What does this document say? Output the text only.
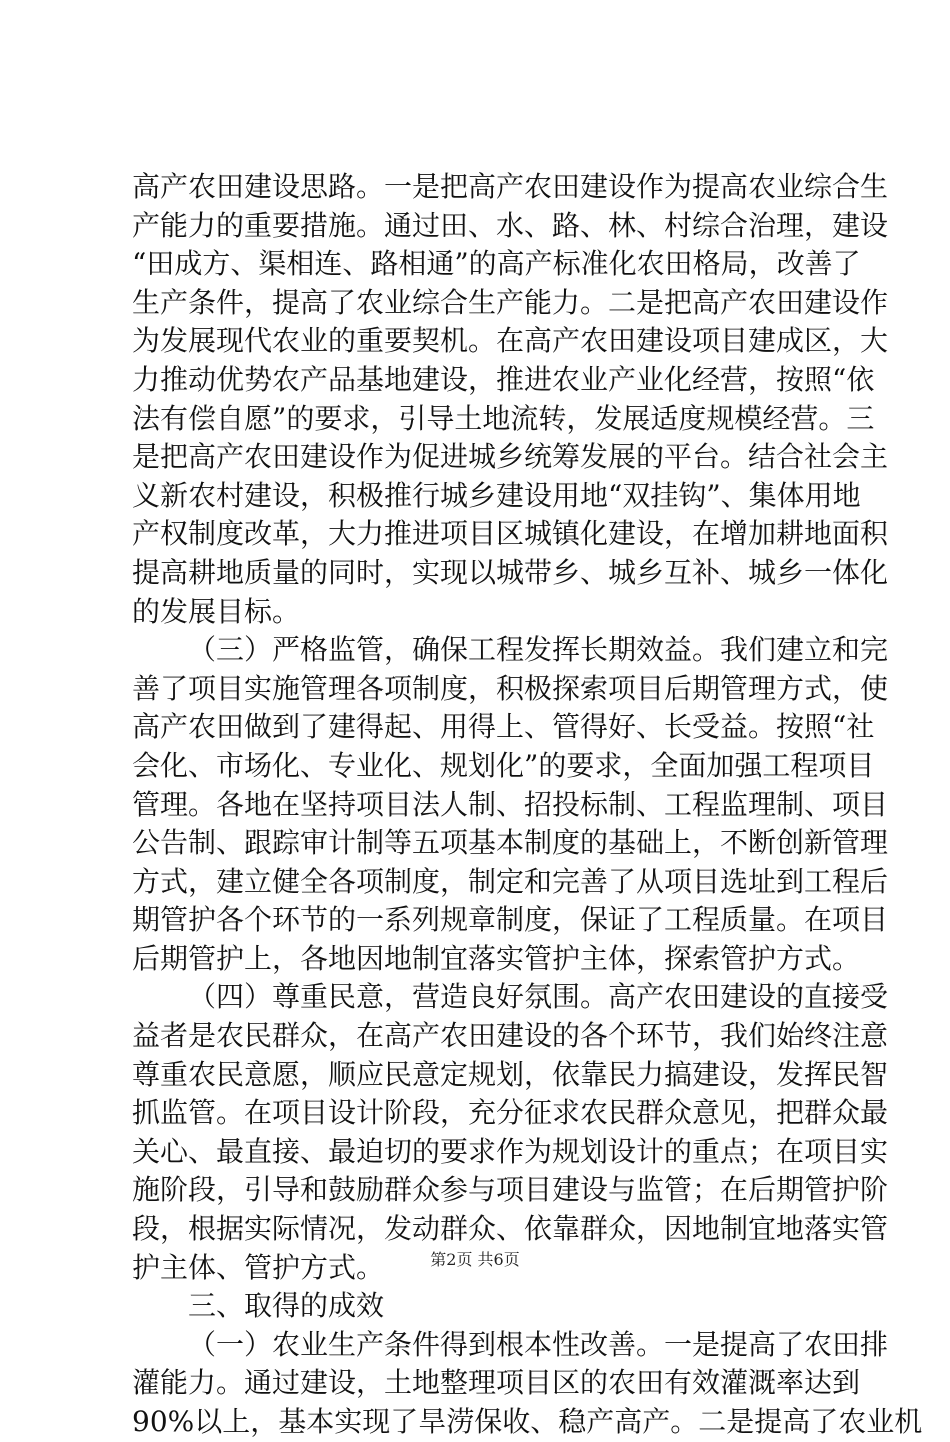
高产农田建设思路。一是把高产农田建设作为提高农业综合生
产能力的重要措施。通过田、水、路、林、村综合治理，建设
“田成方、渠相连、路相通”的高产标准化农田格局，改善了
生产条件，提高了农业综合生产能力。二是把高产农田建设作
为发展现代农业的重要契机。在高产农田建设项目建成区，大
力推动优势农产品基地建设，推进农业产业化经营，按照“依
法有偿自愿”的要求，引导土地流转，发展适度规模经营。三
是把高产农田建设作为促进城乡统筹发展的平台。结合社会主
义新农村建设，积极推行城乡建设用地“双挂钩”、集体用地
产权制度改革，大力推进项目区城镇化建设，在增加耕地面积
提高耕地质量的同时，实现以城带乡、城乡互补、城乡一体化
的发展目标。
（三）严格监管，确保工程发挥长期效益。我们建立和完
善了项目实施管理各项制度，积极探索项目后期管理方式，使
高产农田做到了建得起、用得上、管得好、长受益。按照“社
会化、市场化、专业化、规划化”的要求，全面加强工程项目
管理。各地在坚持项目法人制、招投标制、工程监理制、项目
公告制、跟踪审计制等五项基本制度的基础上，不断创新管理
方式，建立健全各项制度，制定和完善了从项目选址到工程后
期管护各个环节的一系列规章制度，保证了工程质量。在项目
后期管护上，各地因地制宜落实管护主体，探索管护方式。
（四）尊重民意，营造良好氛围。高产农田建设的直接受
益者是农民群众，在高产农田建设的各个环节，我们始终注意
尊重农民意愿，顺应民意定规划，依靠民力搞建设，发挥民智
抓监管。在项目设计阶段，充分征求农民群众意见，把群众最
关心、最直接、最迫切的要求作为规划设计的重点；在项目实
施阶段，引导和鼓励群众参与项目建设与监管；在后期管护阶
段，根据实际情况，发动群众、依靠群众，因地制宜地落实管
护主体、管护方式。
三、取得的成效
（一）农业生产条件得到根本性改善。一是提高了农田排
灌能力。通过建设，土地整理项目区的农田有效灌溉率达到
90%以上，基本实现了旱涝保收、稳产高产。二是提高了农业机
第2页 共6页
